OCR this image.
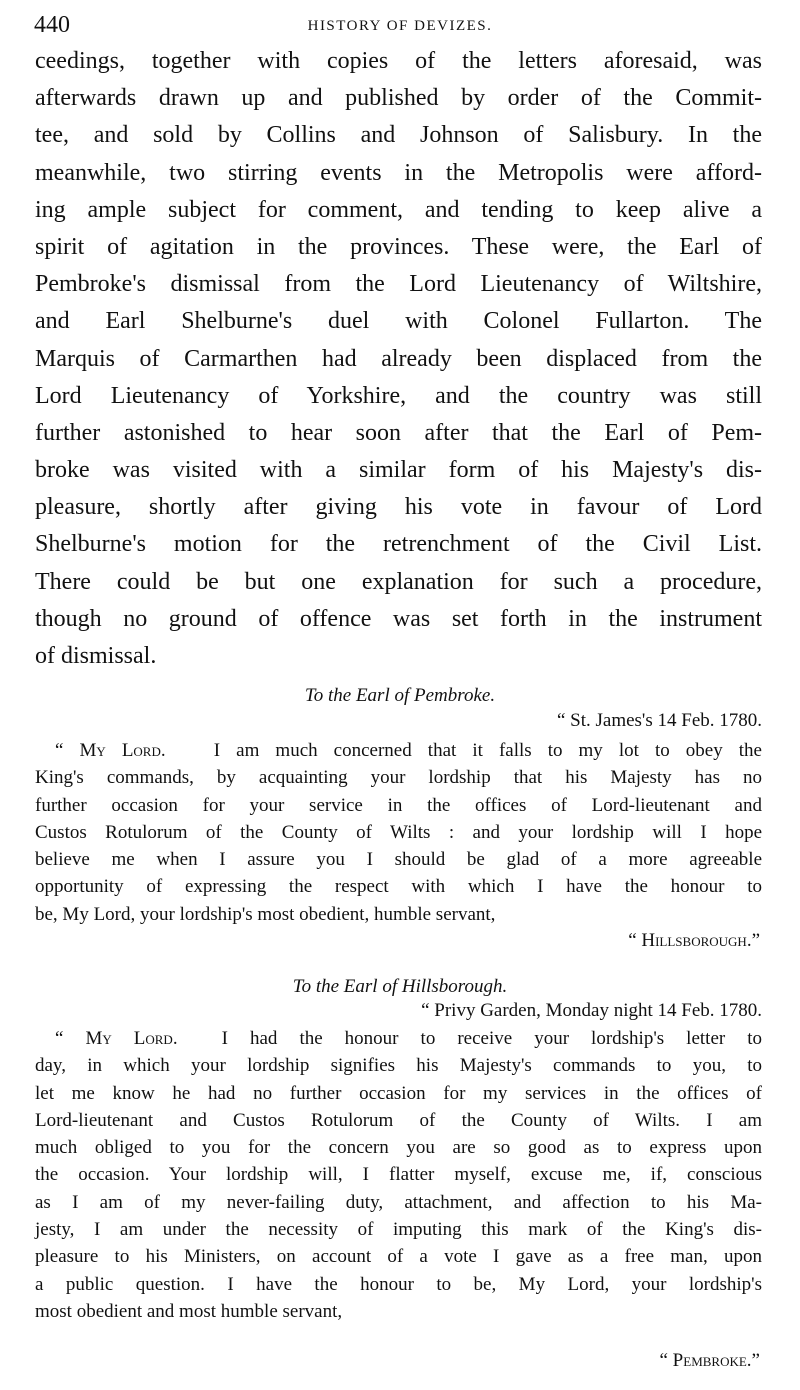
440	HISTORY OF DEVIZES.
ceedings, together with copies of the letters aforesaid, was
afterwards drawn up and published by order of the Commit-
tee, and sold by Collins and Johnson of Salisbury. In the
meanwhile, two stirring events in the Metropolis were afford-
ing ample subject for comment, and tending to keep alive a
spirit of agitation in the provinces. These were, the Earl of
Pembroke's dismissal from the Lord Lieutenancy of Wiltshire,
and Earl Shelburne's duel with Colonel Fullarton. The
Marquis of Carmarthen had already been displaced from the
Lord Lieutenancy of Yorkshire, and the country was still
further astonished to hear soon after that the Earl of Pem-
broke was visited with a similar form of his Majesty's dis-
pleasure, shortly after giving his vote in favour of Lord
Shelburne's motion for the retrenchment of the Civil List.
There could be but one explanation for such a procedure,
though no ground of offence was set forth in the instrument
of dismissal.
To the Earl of Pembroke.
“ St. James's 14 Feb. 1780.
“ My Lord.	I am much concerned that it falls to my lot to obey the
King's commands, by acquainting your lordship that his Majesty has no
further occasion for your service in the offices of Lord-lieutenant and
Custos Rotulorum of the County of Wilts : and your lordship will I hope
believe me when I assure you I should be glad of a more agreeable
opportunity of expressing the respect with which I have the honour to
be, My Lord, your lordship's most obedient, humble servant,
“ Hillsborough.”
To the Earl of Hillsborough.
“ Privy Garden, Monday night 14 Feb. 1780.
“ My Lord. I had the honour to receive your lordship's letter to
day, in which your lordship signifies his Majesty's commands to you, to
let me know he had no further occasion for my services in the offices of
Lord-lieutenant and Custos Rotulorum of the County of Wilts. I am
much obliged to you for the concern you are so good as to express upon
the occasion. Your lordship will, I flatter myself, excuse me, if, conscious
as I am of my never-failing duty, attachment, and affection to his Ma-
jesty, I am under the necessity of imputing this mark of the King's dis-
pleasure to his Ministers, on account of a vote I gave as a free man, upon
a public question. I have the honour to be, My Lord, your lordship's
most obedient and most humble servant,
“ Pembroke.”
